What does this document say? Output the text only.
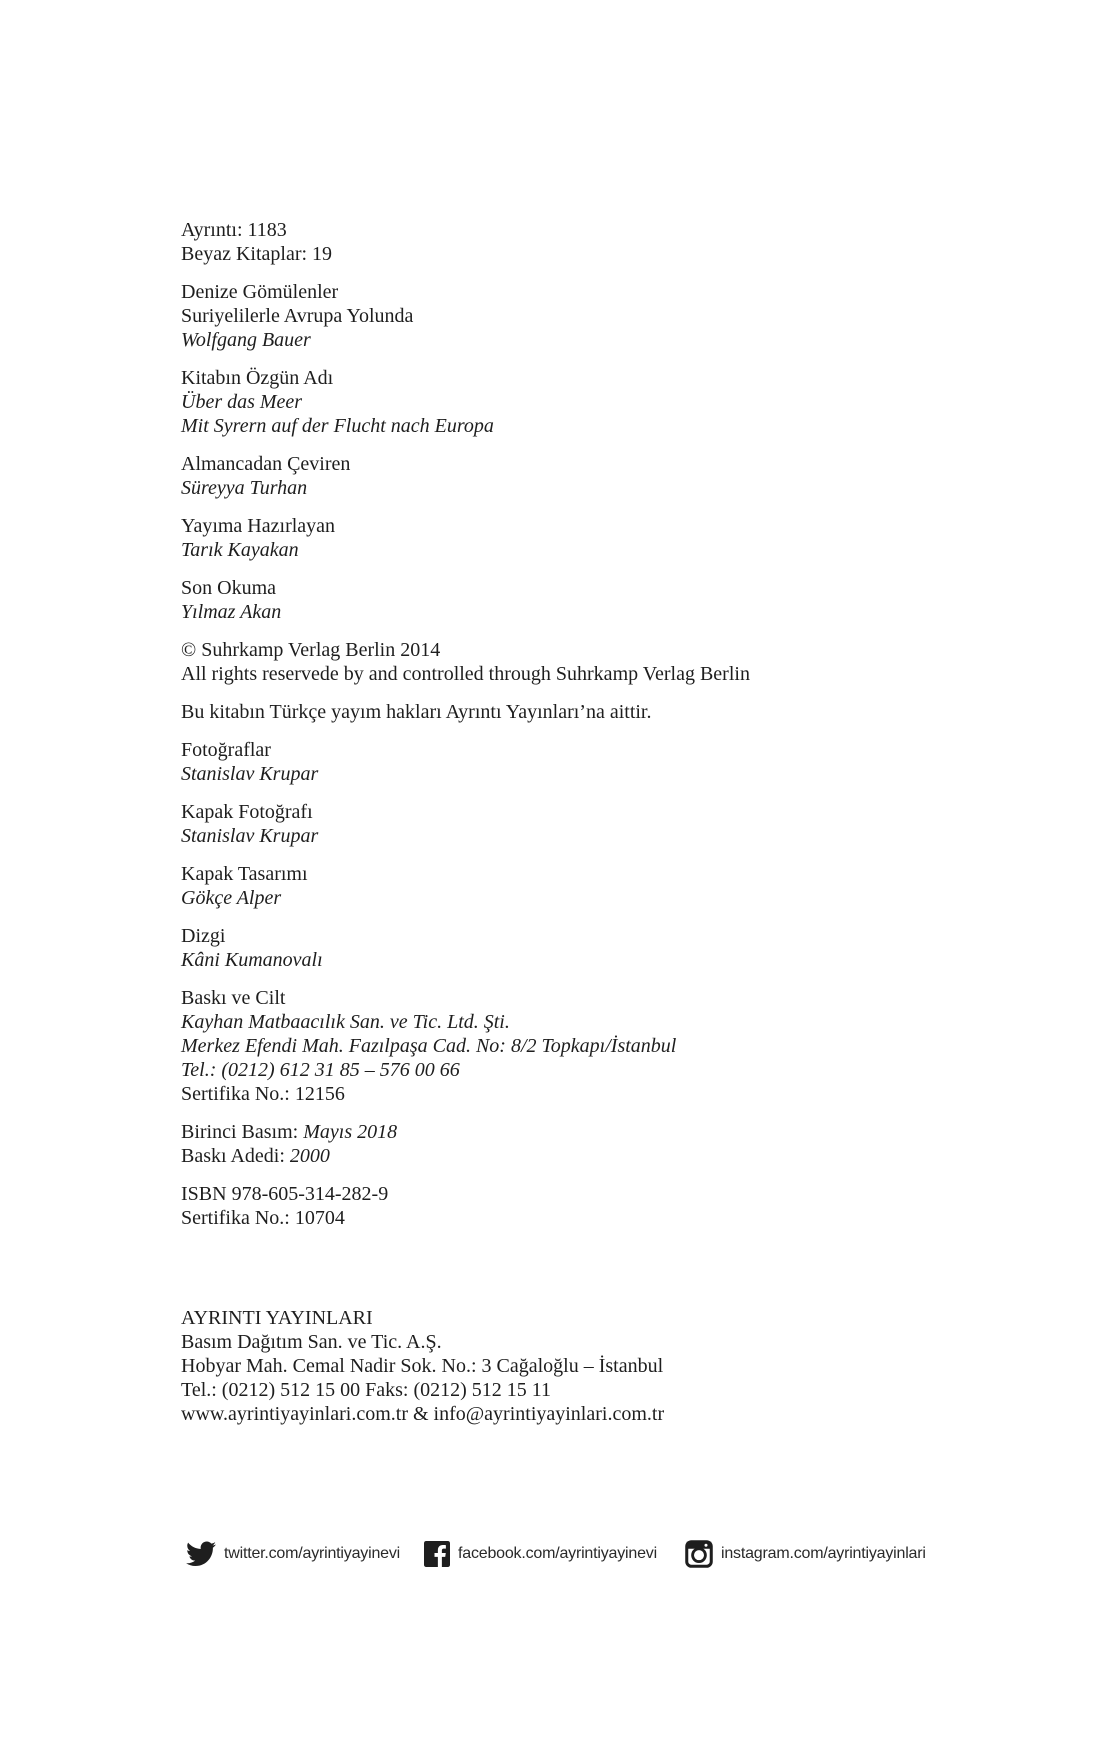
Ayrıntı: 1183
Beyaz Kitaplar: 19
Denize Gömülenler
Suriyelilerle Avrupa Yolunda
Wolfgang Bauer
Kitabın Özgün Adı
Über das Meer
Mit Syrern auf der Flucht nach Europa
Almancadan Çeviren
Süreyya Turhan
Yayıma Hazırlayan
Tarık Kayakan
Son Okuma
Yılmaz Akan
© Suhrkamp Verlag Berlin 2014
All rights reservede by and controlled through Suhrkamp Verlag Berlin
Bu kitabın Türkçe yayım hakları Ayrıntı Yayınları’na aittir.
Fotoğraflar
Stanislav Krupar
Kapak Fotoğrafı
Stanislav Krupar
Kapak Tasarımı
Gökçe Alper
Dizgi
Kâni Kumanovalı
Baskı ve Cilt
Kayhan Matbaacılık San. ve Tic. Ltd. Şti.
Merkez Efendi Mah. Fazılpaşa Cad. No: 8/2 Topkapı/İstanbul
Tel.: (0212) 612 31 85 – 576 00 66
Sertifika No.: 12156
Birinci Basım: Mayıs 2018
Baskı Adedi: 2000
ISBN 978-605-314-282-9
Sertifika No.: 10704
AYRINTI YAYINLARI
Basım Dağıtım San. ve Tic. A.Ş.
Hobyar Mah. Cemal Nadir Sok. No.: 3 Cağaloğlu – İstanbul
Tel.: (0212) 512 15 00 Faks: (0212) 512 15 11
www.ayrintiyayinlari.com.tr & info@ayrintiyayinlari.com.tr
twitter.com/ayrintiyayinevi	facebook.com/ayrintiyayinevi	instagram.com/ayrintiyayinlari
